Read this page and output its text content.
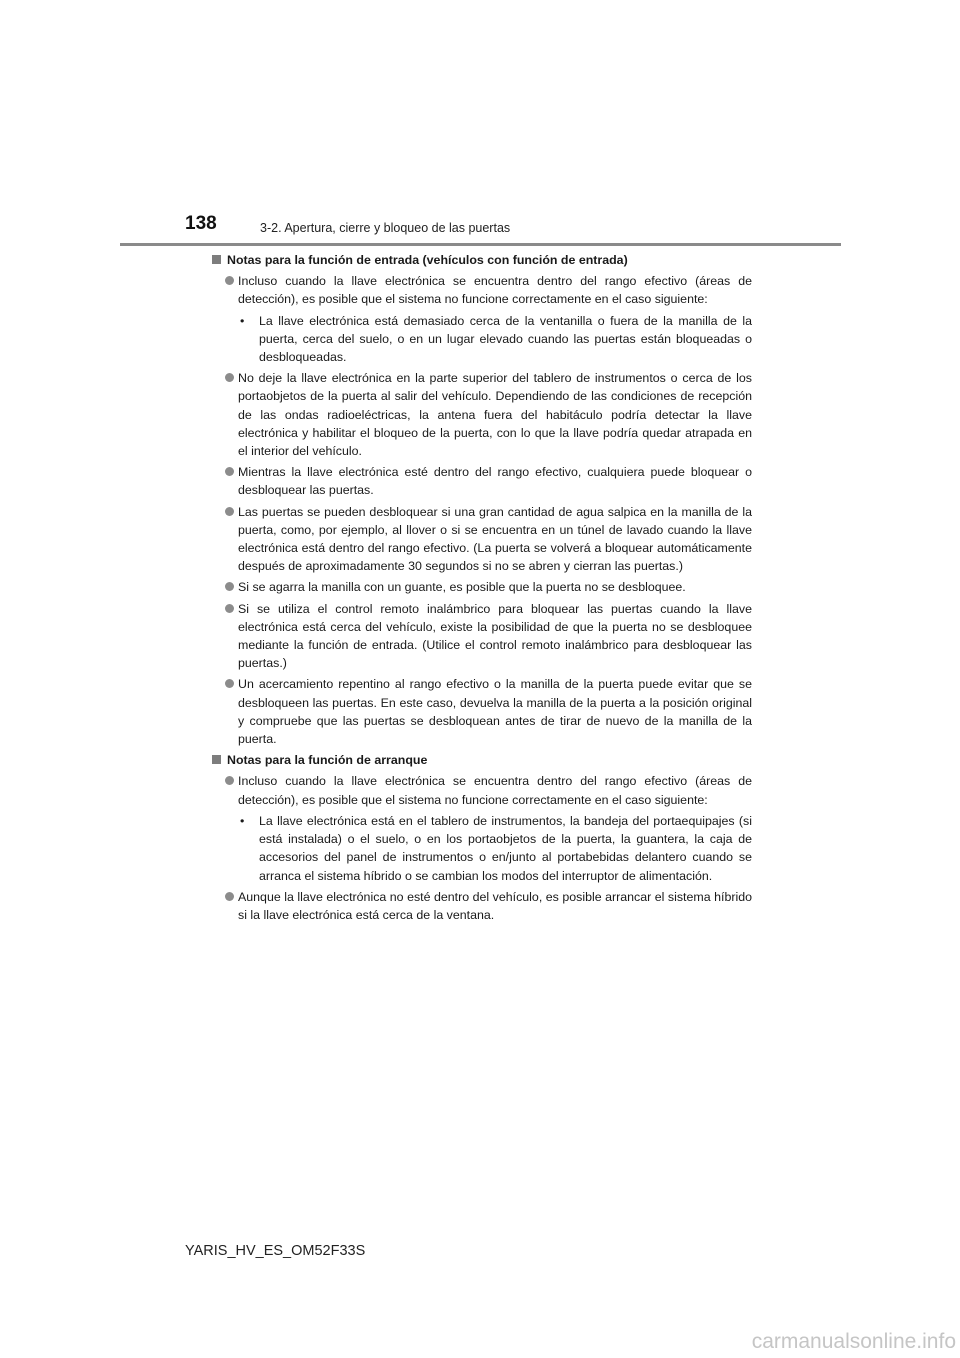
138	3-2. Apertura, cierre y bloqueo de las puertas
Notas para la función de entrada (vehículos con función de entrada)
Incluso cuando la llave electrónica se encuentra dentro del rango efectivo (áreas de detección), es posible que el sistema no funcione correctamente en el caso siguiente:
• La llave electrónica está demasiado cerca de la ventanilla o fuera de la manilla de la puerta, cerca del suelo, o en un lugar elevado cuando las puertas están bloqueadas o desbloqueadas.
No deje la llave electrónica en la parte superior del tablero de instrumentos o cerca de los portaobjetos de la puerta al salir del vehículo. Dependiendo de las condiciones de recepción de las ondas radioeléctricas, la antena fuera del habitáculo podría detectar la llave electrónica y habilitar el bloqueo de la puerta, con lo que la llave podría quedar atrapada en el interior del vehículo.
Mientras la llave electrónica esté dentro del rango efectivo, cualquiera puede bloquear o desbloquear las puertas.
Las puertas se pueden desbloquear si una gran cantidad de agua salpica en la manilla de la puerta, como, por ejemplo, al llover o si se encuentra en un túnel de lavado cuando la llave electrónica está dentro del rango efectivo. (La puerta se volverá a bloquear automáticamente después de aproximadamente 30 segundos si no se abren y cierran las puertas.)
Si se agarra la manilla con un guante, es posible que la puerta no se desbloquee.
Si se utiliza el control remoto inalámbrico para bloquear las puertas cuando la llave electrónica está cerca del vehículo, existe la posibilidad de que la puerta no se desbloquee mediante la función de entrada. (Utilice el control remoto inalámbrico para desbloquear las puertas.)
Un acercamiento repentino al rango efectivo o la manilla de la puerta puede evitar que se desbloqueen las puertas. En este caso, devuelva la manilla de la puerta a la posición original y compruebe que las puertas se desbloquean antes de tirar de nuevo de la manilla de la puerta.
Notas para la función de arranque
Incluso cuando la llave electrónica se encuentra dentro del rango efectivo (áreas de detección), es posible que el sistema no funcione correctamente en el caso siguiente:
• La llave electrónica está en el tablero de instrumentos, la bandeja del portaequipajes (si está instalada) o el suelo, o en los portaobjetos de la puerta, la guantera, la caja de accesorios del panel de instrumentos o en/junto al portabebidas delantero cuando se arranca el sistema híbrido o se cambian los modos del interruptor de alimentación.
Aunque la llave electrónica no esté dentro del vehículo, es posible arrancar el sistema híbrido si la llave electrónica está cerca de la ventana.
YARIS_HV_ES_OM52F33S
carmanualsonline.info
